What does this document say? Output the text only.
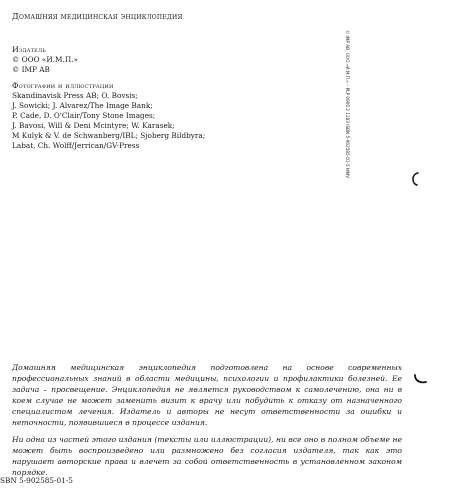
Домашняя медицинская энциклопедия
Издатель
© ООО «И.М.П.»
© IMP AB
Фотографии и иллюстрации
Skandinavisk Press AB; O. Bovsis;
J. Sowicki; J. Alvarez/The Image Bank;
P. Cade, D. O'Clair/Tony Stone Images;
J. Bavosi, Will & Deni Mcintyre; W. Karasek;
M Kulyk & V. de Schwanberg/IBL; Sjoberg Bildbyra;
Labat, Ch. Wolff/Jerrican/GV-Press	© IMP AB, ООО «И.М.П.» – PLP 0900 2 1283 ISBN 5-902585-01-5 MMV

Домашняя медицинская энциклопедия подготовлена на основе современных профессиональных знаний в области медицины, психологии и профилактики болезней. Ее задача – просвещение. Энциклопедия не является руководством к самолечению, она ни в коем случае не может заменить визит к врачу или побудить к отказу от назначенного специалистом лечения. Издатель и авторы не несут ответственности за ошибки и неточности, появившиеся в процессе издания.

Ни одна из частей этого издания (тексты или иллюстрации), ни все оно в полном объеме не может быть воспроизведено или размножено без согласия издателя, так как это нарушает авторские права и влечет за собой ответственность в установленном законом порядке.

SBN 5-902585-01-5
